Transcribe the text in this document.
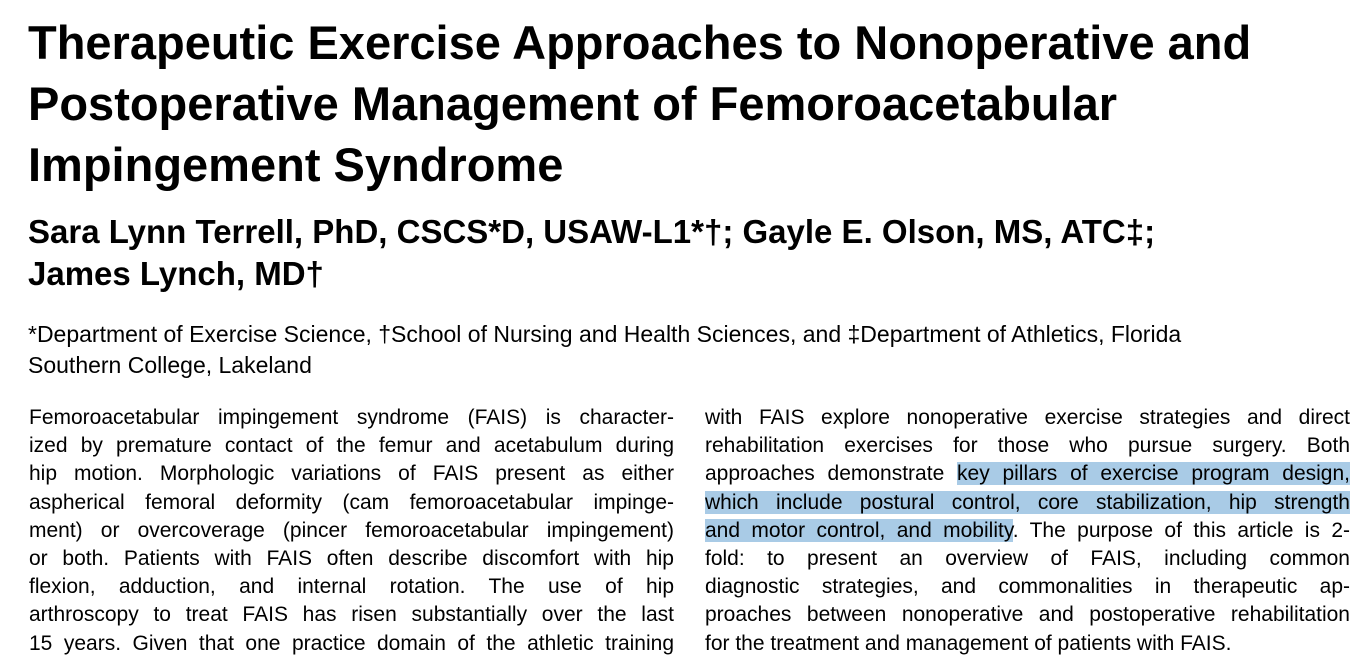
Therapeutic Exercise Approaches to Nonoperative and
Postoperative Management of Femoroacetabular
Impingement Syndrome
Sara Lynn Terrell, PhD, CSCS*D, USAW-L1*†; Gayle E. Olson, MS, ATC‡;
James Lynch, MD†
*Department of Exercise Science, †School of Nursing and Health Sciences, and ‡Department of Athletics, Florida
Southern College, Lakeland
Femoroacetabular impingement syndrome (FAIS) is character-
ized by premature contact of the femur and acetabulum during
hip motion. Morphologic variations of FAIS present as either
aspherical femoral deformity (cam femoroacetabular impinge-
ment) or overcoverage (pincer femoroacetabular impingement)
or both. Patients with FAIS often describe discomfort with hip
flexion, adduction, and internal rotation. The use of hip
arthroscopy to treat FAIS has risen substantially over the last
15 years. Given that one practice domain of the athletic training
with FAIS explore nonoperative exercise strategies and direct
rehabilitation exercises for those who pursue surgery. Both
approaches demonstrate key pillars of exercise program design,
which include postural control, core stabilization, hip strength
and motor control, and mobility. The purpose of this article is 2-
fold: to present an overview of FAIS, including common
diagnostic strategies, and commonalities in therapeutic ap-
proaches between nonoperative and postoperative rehabilitation
for the treatment and management of patients with FAIS.
